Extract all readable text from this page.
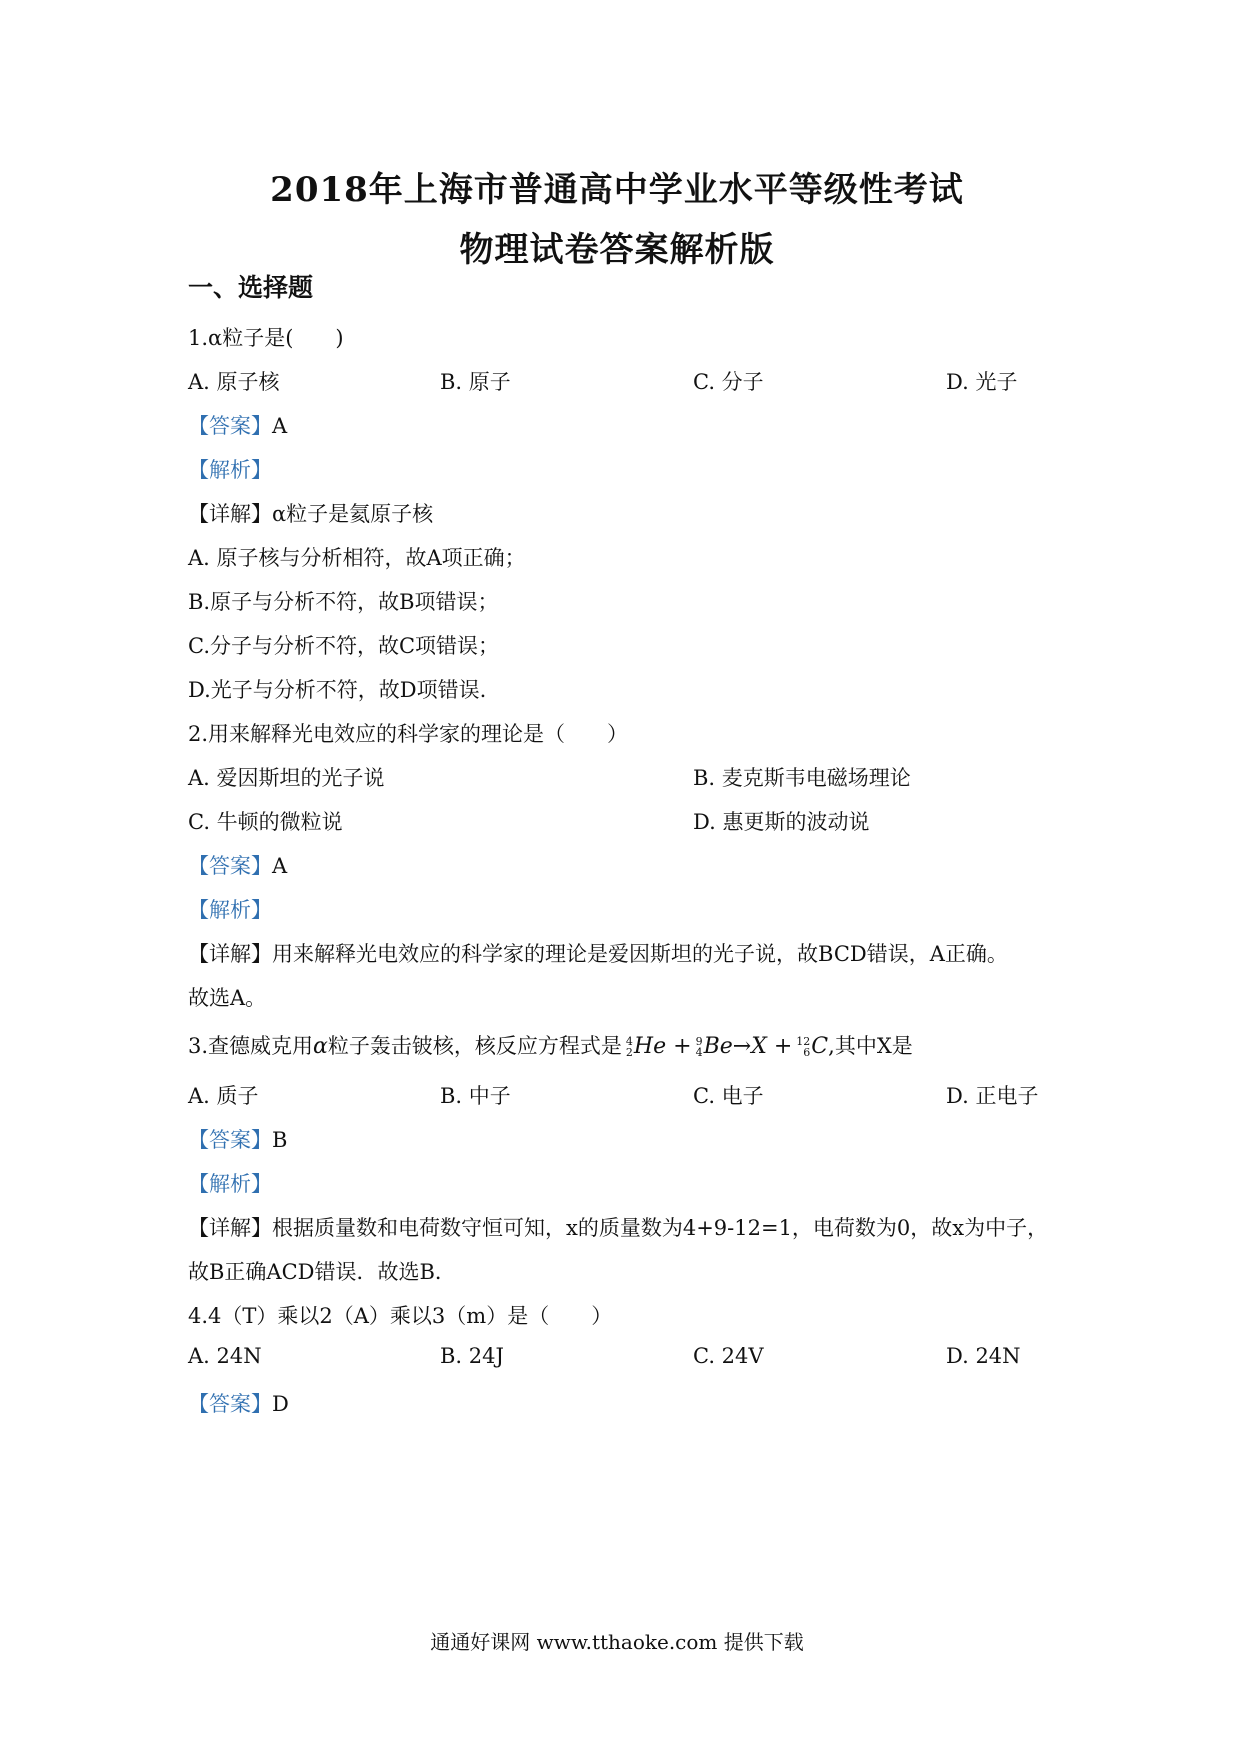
2018年上海市普通高中学业水平等级性考试
物理试卷答案解析版
一、选择题
1.α粒子是(　　)
A. 原子核	B. 原子	C. 分子	D. 光子
【答案】A
【解析】
【详解】α粒子是氦原子核
A. 原子核与分析相符，故A项正确；
B.原子与分析不符，故B项错误；
C.分子与分析不符，故C项错误；
D.光子与分析不符，故D项错误.
2.用来解释光电效应的科学家的理论是（　　）
A. 爱因斯坦的光子说	B. 麦克斯韦电磁场理论
C. 牛顿的微粒说	D. 惠更斯的波动说
【答案】A
【解析】
【详解】用来解释光电效应的科学家的理论是爱因斯坦的光子说，故BCD错误，A正确。
故选A。
3.查德威克用α粒子轰击铍核，核反应方程式是 4
2 He + 9
4 Be→X + 12
6 C,其中X是
A. 质子	B. 中子	C. 电子	D. 正电子
【答案】B
【解析】
【详解】根据质量数和电荷数守恒可知，x的质量数为4+9-12=1，电荷数为0，故x为中子，
故B正确ACD错误．故选B．
4.4（T）乘以2（A）乘以3（m）是（　　）
A. 24N	B. 24J	C. 24V	D. 24N
【答案】D
通通好课网 www.tthaoke.com 提供下载
